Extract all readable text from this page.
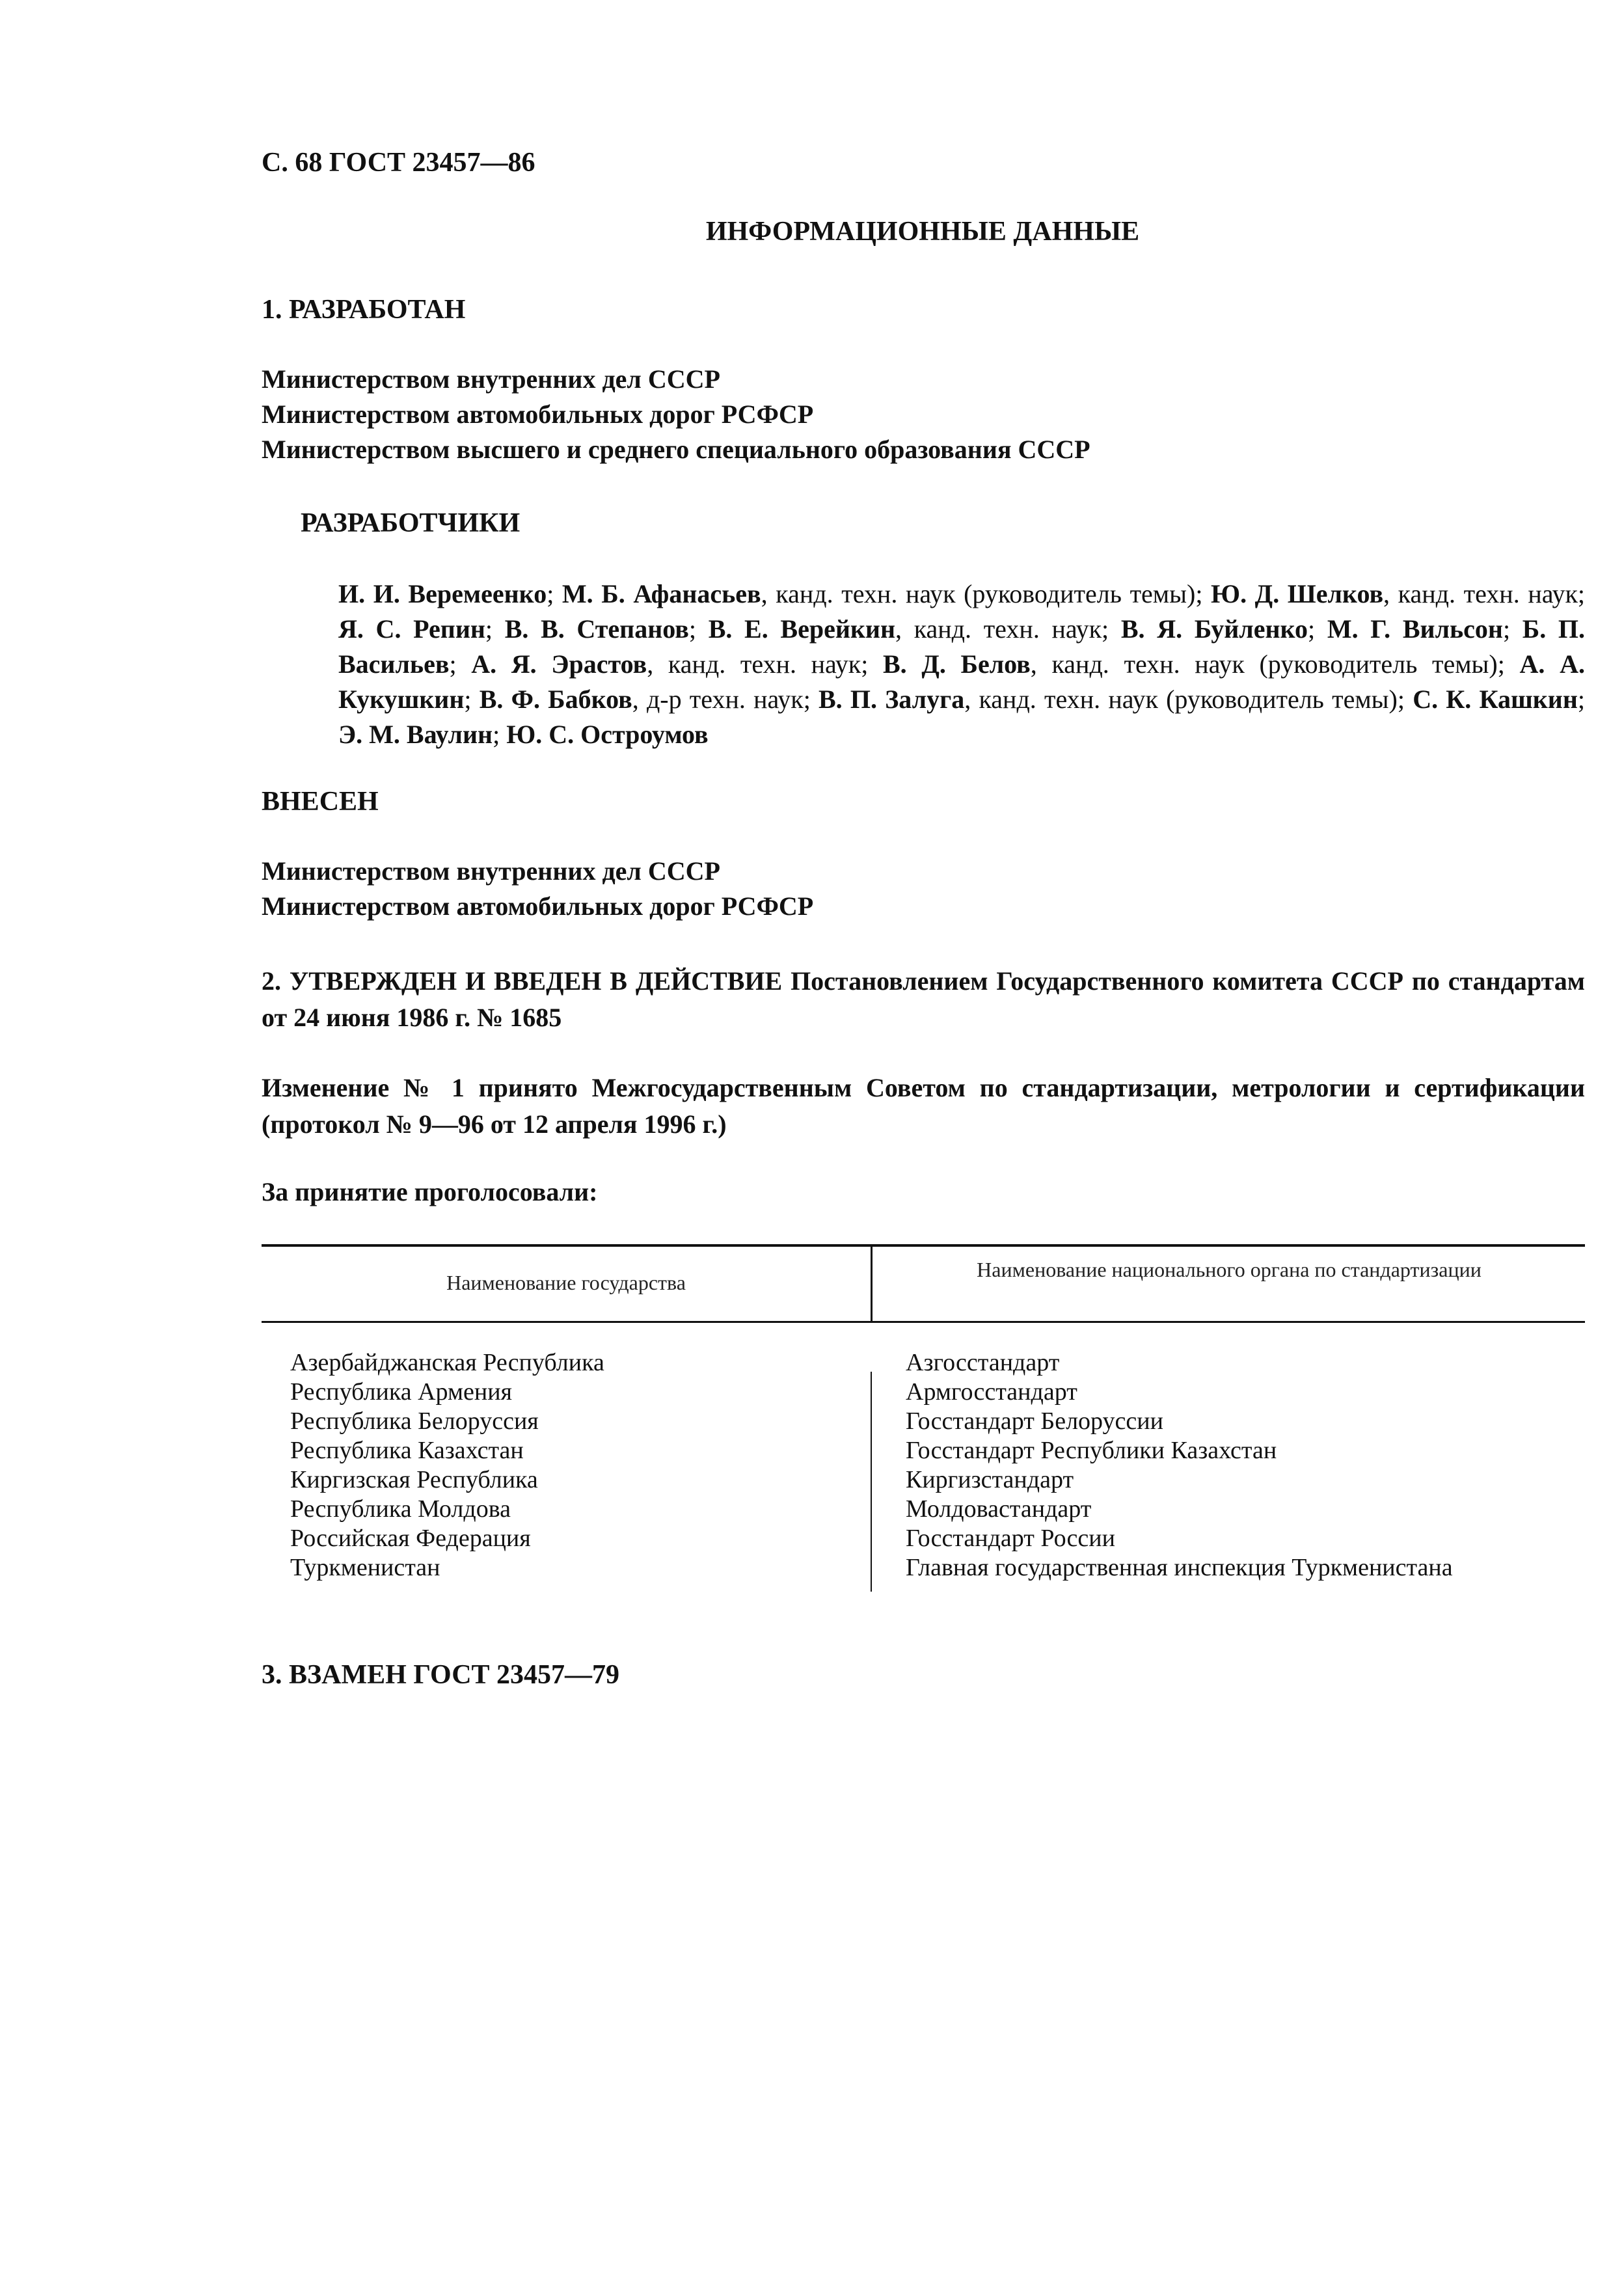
С. 68 ГОСТ 23457—86
ИНФОРМАЦИОННЫЕ ДАННЫЕ
1. РАЗРАБОТАН
Министерством внутренних дел СССР
Министерством автомобильных дорог РСФСР
Министерством высшего и среднего специального образования СССР
РАЗРАБОТЧИКИ
И. И. Веремеенко; М. Б. Афанасьев, канд. техн. наук (руководитель темы); Ю. Д. Шелков, канд. техн. наук; Я. С. Репин; В. В. Степанов; В. Е. Верейкин, канд. техн. наук; В. Я. Буйленко; М. Г. Вильсон; Б. П. Васильев; А. Я. Эрастов, канд. техн. наук; В. Д. Белов, канд. техн. наук (руководитель темы); А. А. Кукушкин; В. Ф. Бабков, д-р техн. наук; В. П. Залуга, канд. техн. наук (руководитель темы); С. К. Кашкин; Э. М. Ваулин; Ю. С. Остроумов
ВНЕСЕН
Министерством внутренних дел СССР
Министерством автомобильных дорог РСФСР
2. УТВЕРЖДЕН И ВВЕДЕН В ДЕЙСТВИЕ Постановлением Государственного комитета СССР по стандартам от 24 июня 1986 г. № 1685
Изменение № 1 принято Межгосударственным Советом по стандартизации, метрологии и сертификации (протокол № 9—96 от 12 апреля 1996 г.)
За принятие проголосовали:
Наименование государства
Наименование национального органа по стандартизации
Азербайджанская Республика
Республика Армения
Республика Белоруссия
Республика Казахстан
Киргизская Республика
Республика Молдова
Российская Федерация
Туркменистан
Азгосстандарт
Армгосстандарт
Госстандарт Белоруссии
Госстандарт Республики Казахстан
Киргизстандарт
Молдовастандарт
Госстандарт России
Главная государственная инспекция Туркменистана
3. ВЗАМЕН ГОСТ 23457—79
